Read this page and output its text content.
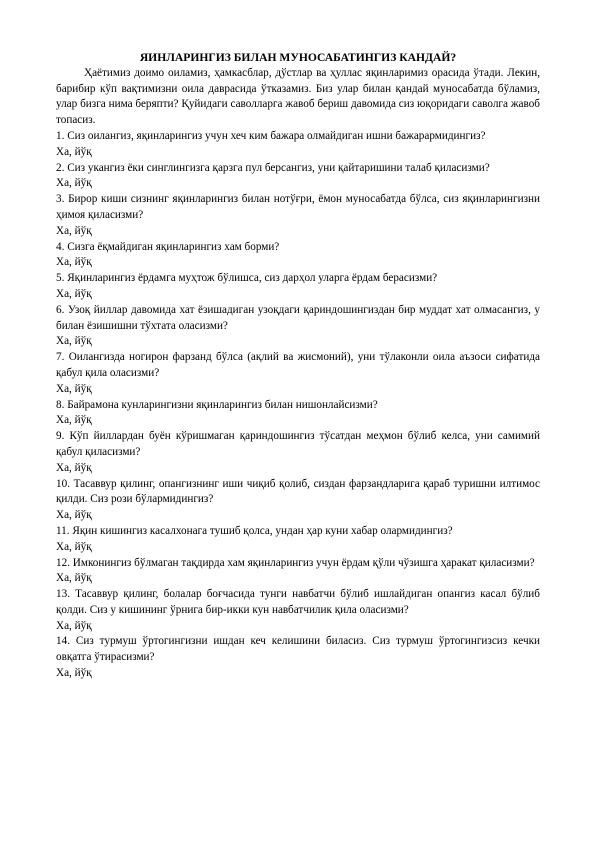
ЯИНЛАРИНГИЗ БИЛАН МУНОСАБАТИНГИЗ КАНДАЙ?

Ҳаётимиз доимо оиламиз, ҳамкасблар, дўстлар ва ҳуллас яқинларимиз орасида ўтади. Лекин, барибир кўп вақтимизни оила даврасида ўтказамиз. Биз улар билан қандай муносабатда бўламиз, улар бизга нима беряпти? Қуйидаги саволларга жавоб бериш давомида сиз юқоридаги саволга жавоб топасиз.

1. Сиз оилангиз, яқинларингиз учун хеч ким бажара олмайдиган ишни бажарармидингиз?

Ха, йўқ

2. Сиз укангиз ёки синглингизга қарзга пул берсангиз, уни қайтаришини талаб қиласизми?

Ха, йўқ

3. Бирор киши сизнинг яқинларингиз билан нотўғри, ёмон муносабатда бўлса, сиз яқинларингизни ҳимоя қиласизми?

Ха, йўқ

4. Сизга ёқмайдиган яқинларингиз хам борми?

Ха, йўқ

5. Яқинларингиз ёрдамга муҳтож бўлишса, сиз дарҳол уларга ёрдам берасизми?

Ха, йўқ

6. Узоқ йиллар давомида хат ёзишадиган узоқдаги қариндошингиздан бир муддат хат олмасангиз, у билан ёзишишни тўхтата оласизми?

Ха, йўқ

7. Оилангизда ногирон фарзанд бўлса (ақлий ва жисмоний), уни тўлаконли оила аъзоси сифатида қабул қила оласизми?

Ха, йўқ

8. Байрамона кунларингизни яқинларингиз билан нишонлайсизми?

Ха, йўқ

9. Кўп йиллардан буён кўришмаган қариндошингиз тўсатдан меҳмон бўлиб келса, уни самимий қабул қиласизми?

Ха, йўқ

10. Тасаввур қилинг, опангизнинг иши чиқиб қолиб, сиздан фарзандларига қараб туришни илтимос қилди. Сиз рози бўлармидингиз?

Ха, йўқ

11. Яқин кишингиз касалхонага тушиб қолса, ундан ҳар куни хабар олармидингиз?

Ха, йўқ

12. Имконингиз бўлмаган тақдирда хам яқинларингиз учун ёрдам қўли чўзишга ҳаракат қиласизми?

Ха, йўқ

13. Тасаввур қилинг, болалар боғчасида тунги навбатчи бўлиб ишлайдиган опангиз касал бўлиб қолди. Сиз у кишининг ўрнига бир-икки кун навбатчилик қила оласизми?

Ха, йўқ

14. Сиз турмуш ўртогингизни ишдан кеч келишини биласиз. Сиз турмуш ўртогингизсиз кечки овқатга ўтирасизми?

Ха, йўқ
